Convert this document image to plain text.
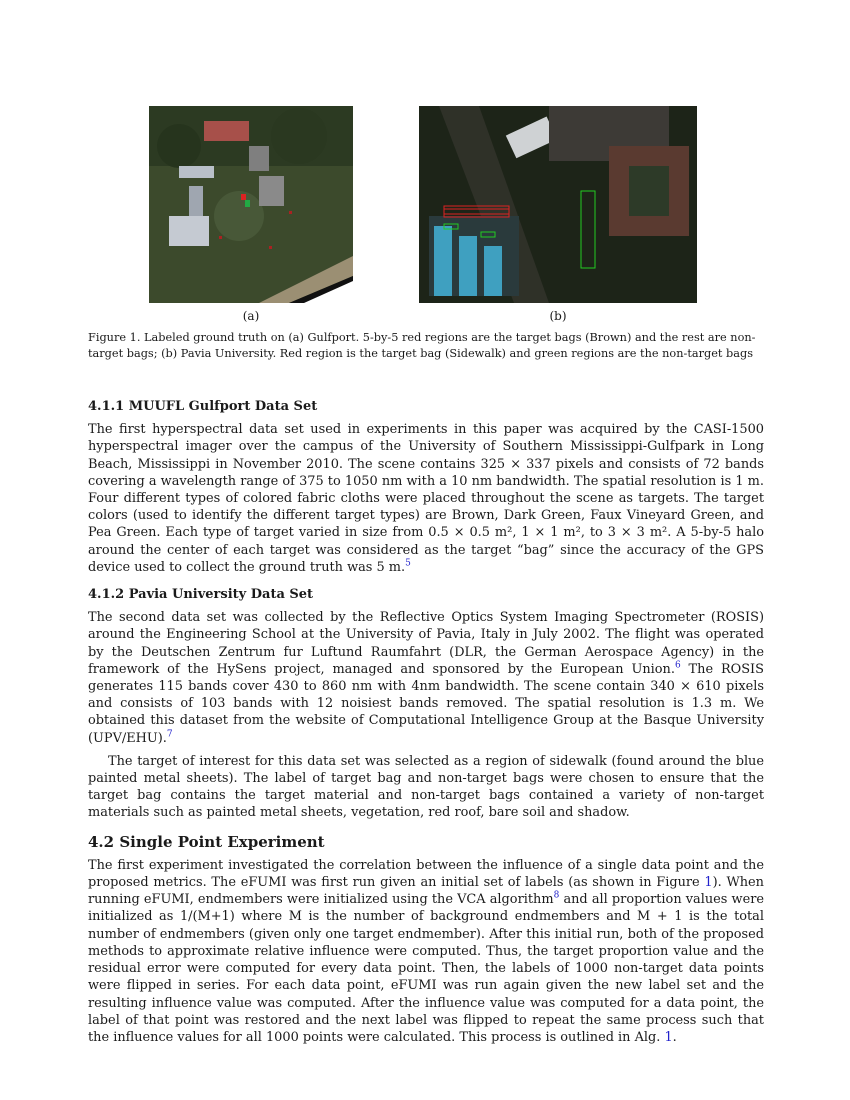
(a)	(b)
Figure 1. Labeled ground truth on (a) Gulfport. 5-by-5 red regions are the target bags (Brown) and the rest are non-target bags; (b) Pavia University. Red region is the target bag (Sidewalk) and green regions are the non-target bags
4.1.1 MUUFL Gulfport Data Set
The first hyperspectral data set used in experiments in this paper was acquired by the CASI-1500 hyperspectral imager over the campus of the University of Southern Mississippi-Gulfpark in Long Beach, Mississippi in November 2010. The scene contains 325 × 337 pixels and consists of 72 bands covering a wavelength range of 375 to 1050 nm with a 10 nm bandwidth. The spatial resolution is 1 m. Four different types of colored fabric cloths were placed throughout the scene as targets. The target colors (used to identify the different target types) are Brown, Dark Green, Faux Vineyard Green, and Pea Green. Each type of target varied in size from 0.5 × 0.5 m², 1 × 1 m², to 3 × 3 m². A 5-by-5 halo around the center of each target was considered as the target “bag” since the accuracy of the GPS device used to collect the ground truth was 5 m.$^5$
4.1.2 Pavia University Data Set
The second data set was collected by the Reflective Optics System Imaging Spectrometer (ROSIS) around the Engineering School at the University of Pavia, Italy in July 2002. The flight was operated by the Deutschen Zentrum fur Luftund Raumfahrt (DLR, the German Aerospace Agency) in the framework of the HySens project, managed and sponsored by the European Union.$^6$ The ROSIS generates 115 bands cover 430 to 860 nm with 4nm bandwidth. The scene contain 340 × 610 pixels and consists of 103 bands with 12 noisiest bands removed. The spatial resolution is 1.3 m. We obtained this dataset from the website of Computational Intelligence Group at the Basque University (UPV/EHU).$^7$
The target of interest for this data set was selected as a region of sidewalk (found around the blue painted metal sheets). The label of target bag and non-target bags were chosen to ensure that the target bag contains the target material and non-target bags contained a variety of non-target materials such as painted metal sheets, vegetation, red roof, bare soil and shadow.
4.2 Single Point Experiment
The first experiment investigated the correlation between the influence of a single data point and the proposed metrics. The eFUMI was first run given an initial set of labels (as shown in Figure 1). When running eFUMI, endmembers were initialized using the VCA algorithm$^8$ and all proportion values were initialized as 1/(M+1) where M is the number of background endmembers and M + 1 is the total number of endmembers (given only one target endmember). After this initial run, both of the proposed methods to approximate relative influence were computed. Thus, the target proportion value and the residual error were computed for every data point. Then, the labels of 1000 non-target data points were flipped in series. For each data point, eFUMI was run again given the new label set and the resulting influence value was computed. After the influence value was computed for a data point, the label of that point was restored and the next label was flipped to repeat the same process such that the influence values for all 1000 points were calculated. This process is outlined in Alg. 1.
